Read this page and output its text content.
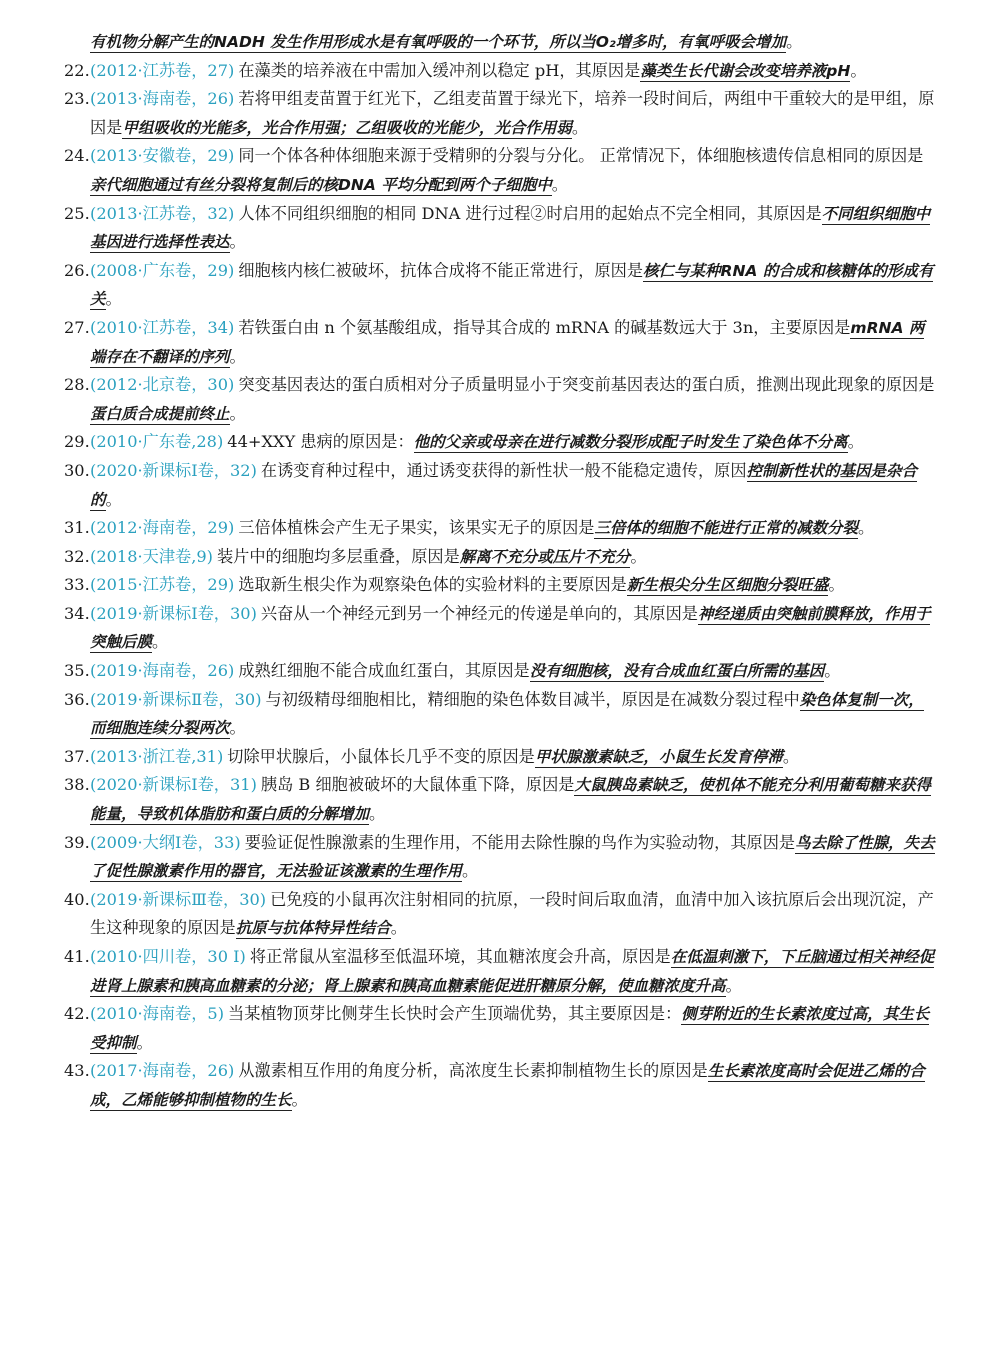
有机物分解产生的NADH 发生作用形成水是有氧呼吸的一个环节，所以当O₂增多时，有氧呼吸会增加。

22. (2012·江苏卷，27) 在藻类的培养液在中需加入缓冲剂以稳定 pH，其原因是藻类生长代谢会改变培养液pH。

23. (2013·海南卷，26) 若将甲组麦苗置于红光下，乙组麦苗置于绿光下，培养一段时间后，两组中干重较大的是甲组，原因是甲组吸收的光能多，光合作用强；乙组吸收的光能少，光合作用弱。

24. (2013·安徽卷，29) 同一个体各种体细胞来源于受精卵的分裂与分化。 正常情况下，体细胞核遗传信息相同的原因是亲代细胞通过有丝分裂将复制后的核DNA 平均分配到两个子细胞中。

25. (2013·江苏卷，32) 人体不同组织细胞的相同 DNA 进行过程②时启用的起始点不完全相同，其原因是不同组织细胞中基因进行选择性表达。

26. (2008·广东卷，29) 细胞核内核仁被破坏，抗体合成将不能正常进行，原因是核仁与某种RNA 的合成和核糖体的形成有关。

27. (2010·江苏卷，34) 若铁蛋白由 n 个氨基酸组成，指导其合成的 mRNA 的碱基数远大于 3n，主要原因是mRNA 两端存在不翻译的序列。

28. (2012·北京卷，30) 突变基因表达的蛋白质相对分子质量明显小于突变前基因表达的蛋白质，推测出现此现象的原因是蛋白质合成提前终止。

29. (2010·广东卷,28) 44+XXY 患病的原因是：他的父亲或母亲在进行减数分裂形成配子时发生了染色体不分离。

30. (2020·新课标Ⅰ卷，32) 在诱变育种过程中，通过诱变获得的新性状一般不能稳定遗传，原因控制新性状的基因是杂合的。

31. (2012·海南卷，29) 三倍体植株会产生无子果实，该果实无子的原因是三倍体的细胞不能进行正常的减数分裂。

32. (2018·天津卷,9) 装片中的细胞均多层重叠，原因是解离不充分或压片不充分。

33. (2015·江苏卷，29) 选取新生根尖作为观察染色体的实验材料的主要原因是新生根尖分生区细胞分裂旺盛。

34. (2019·新课标Ⅰ卷，30) 兴奋从一个神经元到另一个神经元的传递是单向的，其原因是神经递质由突触前膜释放，作用于突触后膜。

35. (2019·海南卷，26) 成熟红细胞不能合成血红蛋白，其原因是没有细胞核，没有合成血红蛋白所需的基因。

36. (2019·新课标Ⅱ卷，30) 与初级精母细胞相比，精细胞的染色体数目减半，原因是在减数分裂过程中染色体复制一次，而细胞连续分裂两次。

37. (2013·浙江卷,31) 切除甲状腺后，小鼠体长几乎不变的原因是甲状腺激素缺乏，小鼠生长发育停滞。

38. (2020·新课标Ⅰ卷，31) 胰岛 B 细胞被破坏的大鼠体重下降，原因是大鼠胰岛素缺乏，使机体不能充分利用葡萄糖来获得能量，导致机体脂肪和蛋白质的分解增加。

39. (2009·大纲Ⅰ卷，33) 要验证促性腺激素的生理作用，不能用去除性腺的鸟作为实验动物，其原因是鸟去除了性腺，失去了促性腺激素作用的器官，无法验证该激素的生理作用。

40. (2019·新课标Ⅲ卷，30) 已免疫的小鼠再次注射相同的抗原，一段时间后取血清，血清中加入该抗原后会出现沉淀，产生这种现象的原因是抗原与抗体特异性结合。

41. (2010·四川卷，30 Ⅰ) 将正常鼠从室温移至低温环境，其血糖浓度会升高，原因是在低温刺激下，下丘脑通过相关神经促进肾上腺素和胰高血糖素的分泌；肾上腺素和胰高血糖素能促进肝糖原分解，使血糖浓度升高。

42. (2010·海南卷，5) 当某植物顶芽比侧芽生长快时会产生顶端优势，其主要原因是：侧芽附近的生长素浓度过高，其生长受抑制。

43. (2017·海南卷，26) 从激素相互作用的角度分析，高浓度生长素抑制植物生长的原因是生长素浓度高时会促进乙烯的合成，乙烯能够抑制植物的生长。
